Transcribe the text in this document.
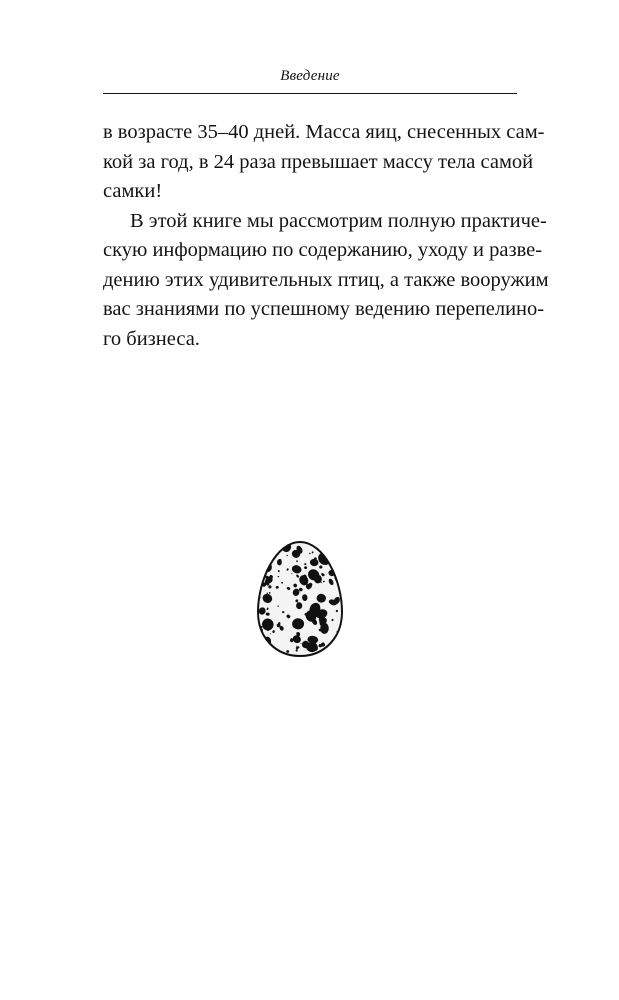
Введение
в возрасте 35–40 дней. Масса яиц, снесенных сам-
кой за год, в 24 раза превышает массу тела самой
самки!
В этой книге мы рассмотрим полную практиче-
скую информацию по содержанию, уходу и разве-
дению этих удивительных птиц, а также вооружим
вас знаниями по успешному ведению перепелино-
го бизнеса.
